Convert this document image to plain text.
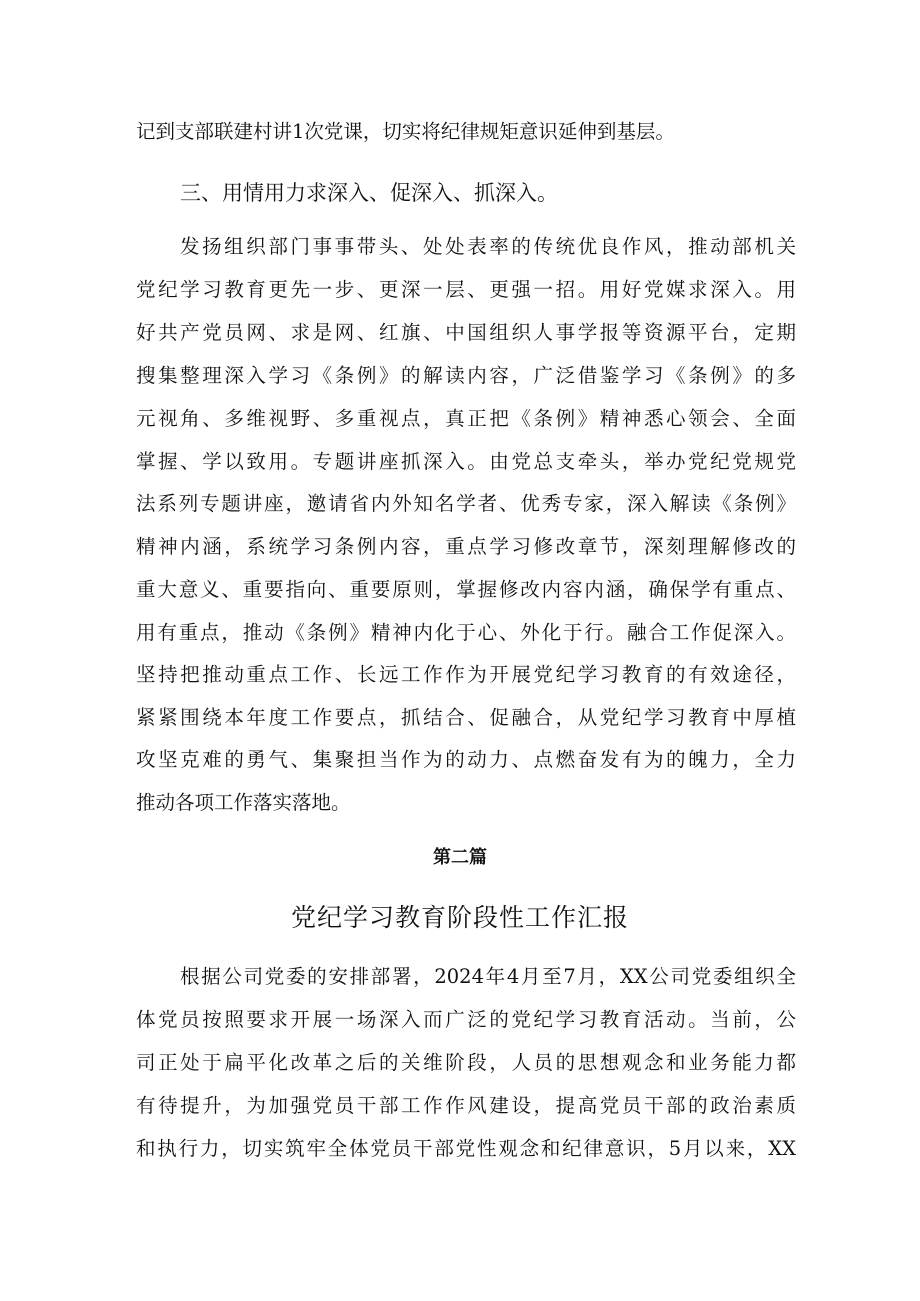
记到支部联建村讲1次党课，切实将纪律规矩意识延伸到基层。
三、用情用力求深入、促深入、抓深入。
发扬组织部门事事带头、处处表率的传统优良作风，推动部机关
党纪学习教育更先一步、更深一层、更强一招。用好党媒求深入。用
好共产党员网、求是网、红旗、中国组织人事学报等资源平台，定期
搜集整理深入学习《条例》的解读内容，广泛借鉴学习《条例》的多
元视角、多维视野、多重视点，真正把《条例》精神悉心领会、全面
掌握、学以致用。专题讲座抓深入。由党总支牵头，举办党纪党规党
法系列专题讲座，邀请省内外知名学者、优秀专家，深入解读《条例》
精神内涵，系统学习条例内容，重点学习修改章节，深刻理解修改的
重大意义、重要指向、重要原则，掌握修改内容内涵，确保学有重点、
用有重点，推动《条例》精神内化于心、外化于行。融合工作促深入。
坚持把推动重点工作、长远工作作为开展党纪学习教育的有效途径，
紧紧围绕本年度工作要点，抓结合、促融合，从党纪学习教育中厚植
攻坚克难的勇气、集聚担当作为的动力、点燃奋发有为的魄力，全力
推动各项工作落实落地。
第二篇
党纪学习教育阶段性工作汇报
根据公司党委的安排部署，2024年4月至7月，XX公司党委组织全
体党员按照要求开展一场深入而广泛的党纪学习教育活动。当前，公
司正处于扁平化改革之后的关维阶段，人员的思想观念和业务能力都
有待提升，为加强党员干部工作作风建设，提高党员干部的政治素质
和执行力，切实筑牢全体党员干部党性观念和纪律意识，5月以来，XX
